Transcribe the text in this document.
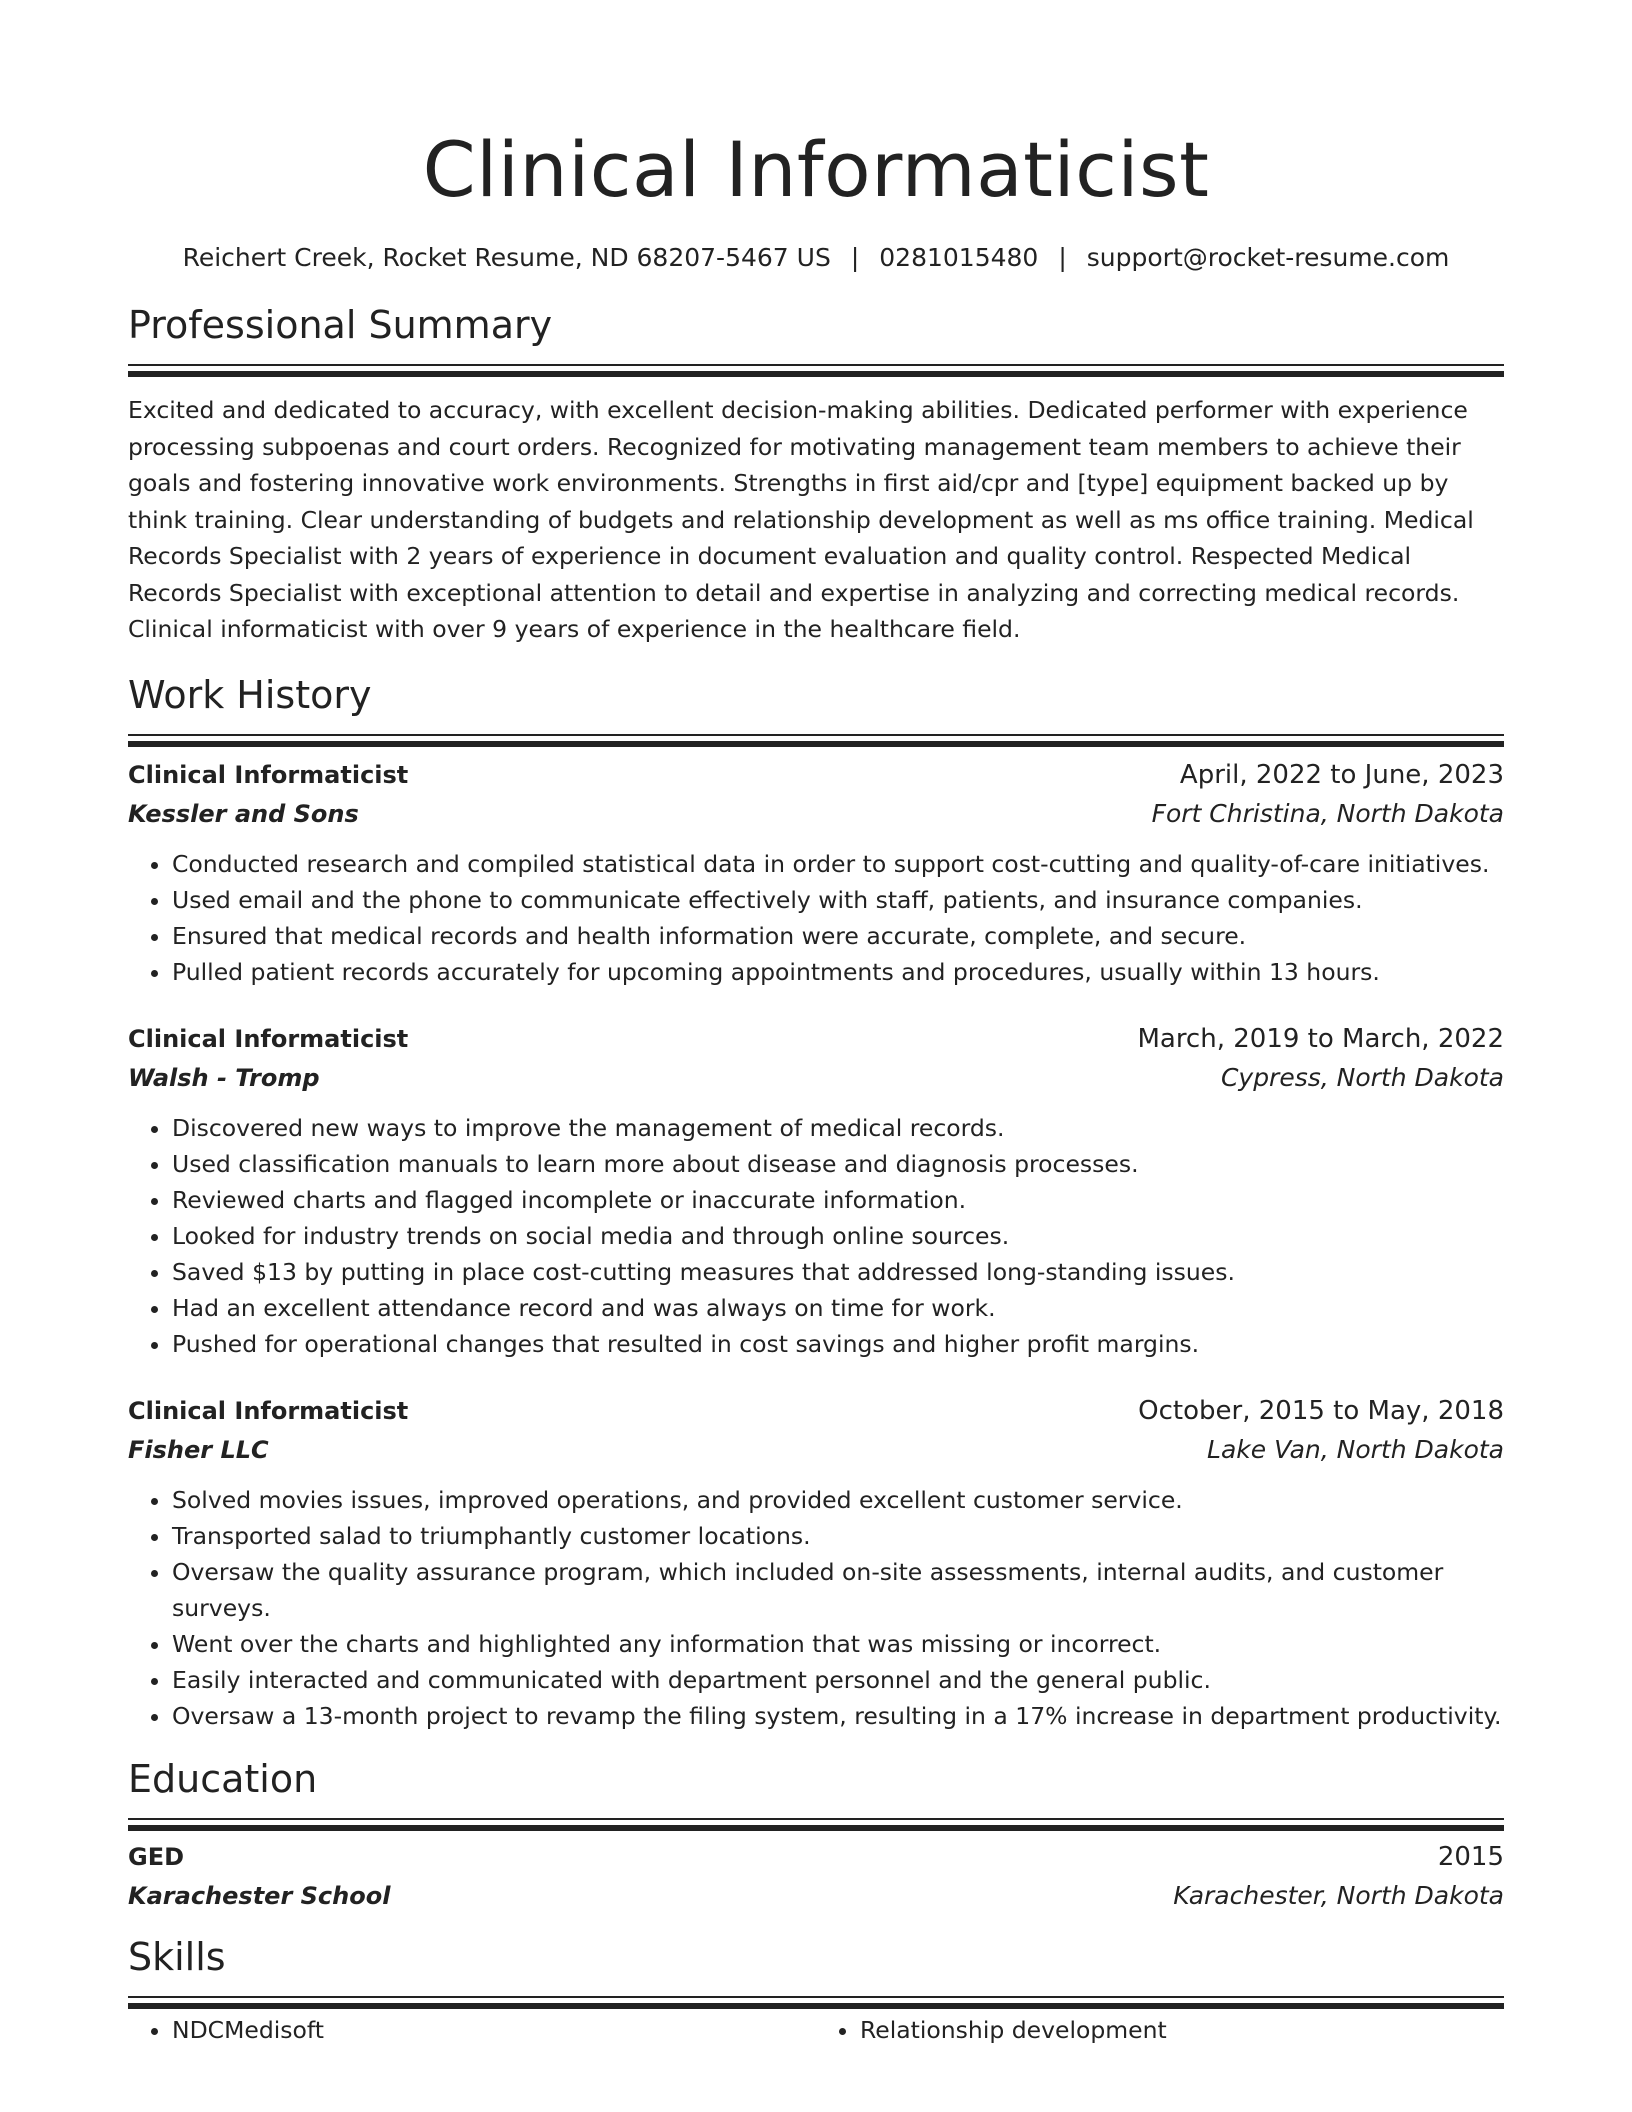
Clinical Informaticist
Reichert Creek, Rocket Resume, ND 68207-5467 US | 0281015480 | support@rocket-resume.com
Professional Summary
Excited and dedicated to accuracy, with excellent decision-making abilities. Dedicated performer with experience processing subpoenas and court orders. Recognized for motivating management team members to achieve their goals and fostering innovative work environments. Strengths in first aid/cpr and [type] equipment backed up by think training. Clear understanding of budgets and relationship development as well as ms office training. Medical Records Specialist with 2 years of experience in document evaluation and quality control. Respected Medical Records Specialist with exceptional attention to detail and expertise in analyzing and correcting medical records. Clinical informaticist with over 9 years of experience in the healthcare field.
Work History
Clinical Informaticist	April, 2022 to June, 2023
Kessler and Sons	Fort Christina, North Dakota
• Conducted research and compiled statistical data in order to support cost-cutting and quality-of-care initiatives.
• Used email and the phone to communicate effectively with staff, patients, and insurance companies.
• Ensured that medical records and health information were accurate, complete, and secure.
• Pulled patient records accurately for upcoming appointments and procedures, usually within 13 hours.
Clinical Informaticist	March, 2019 to March, 2022
Walsh - Tromp	Cypress, North Dakota
• Discovered new ways to improve the management of medical records.
• Used classification manuals to learn more about disease and diagnosis processes.
• Reviewed charts and flagged incomplete or inaccurate information.
• Looked for industry trends on social media and through online sources.
• Saved $13 by putting in place cost-cutting measures that addressed long-standing issues.
• Had an excellent attendance record and was always on time for work.
• Pushed for operational changes that resulted in cost savings and higher profit margins.
Clinical Informaticist	October, 2015 to May, 2018
Fisher LLC	Lake Van, North Dakota
• Solved movies issues, improved operations, and provided excellent customer service.
• Transported salad to triumphantly customer locations.
• Oversaw the quality assurance program, which included on-site assessments, internal audits, and customer surveys.
• Went over the charts and highlighted any information that was missing or incorrect.
• Easily interacted and communicated with department personnel and the general public.
• Oversaw a 13-month project to revamp the filing system, resulting in a 17% increase in department productivity.
Education
GED	2015
Karachester School	Karachester, North Dakota
Skills
• NDCMedisoft
•	Relationship development
